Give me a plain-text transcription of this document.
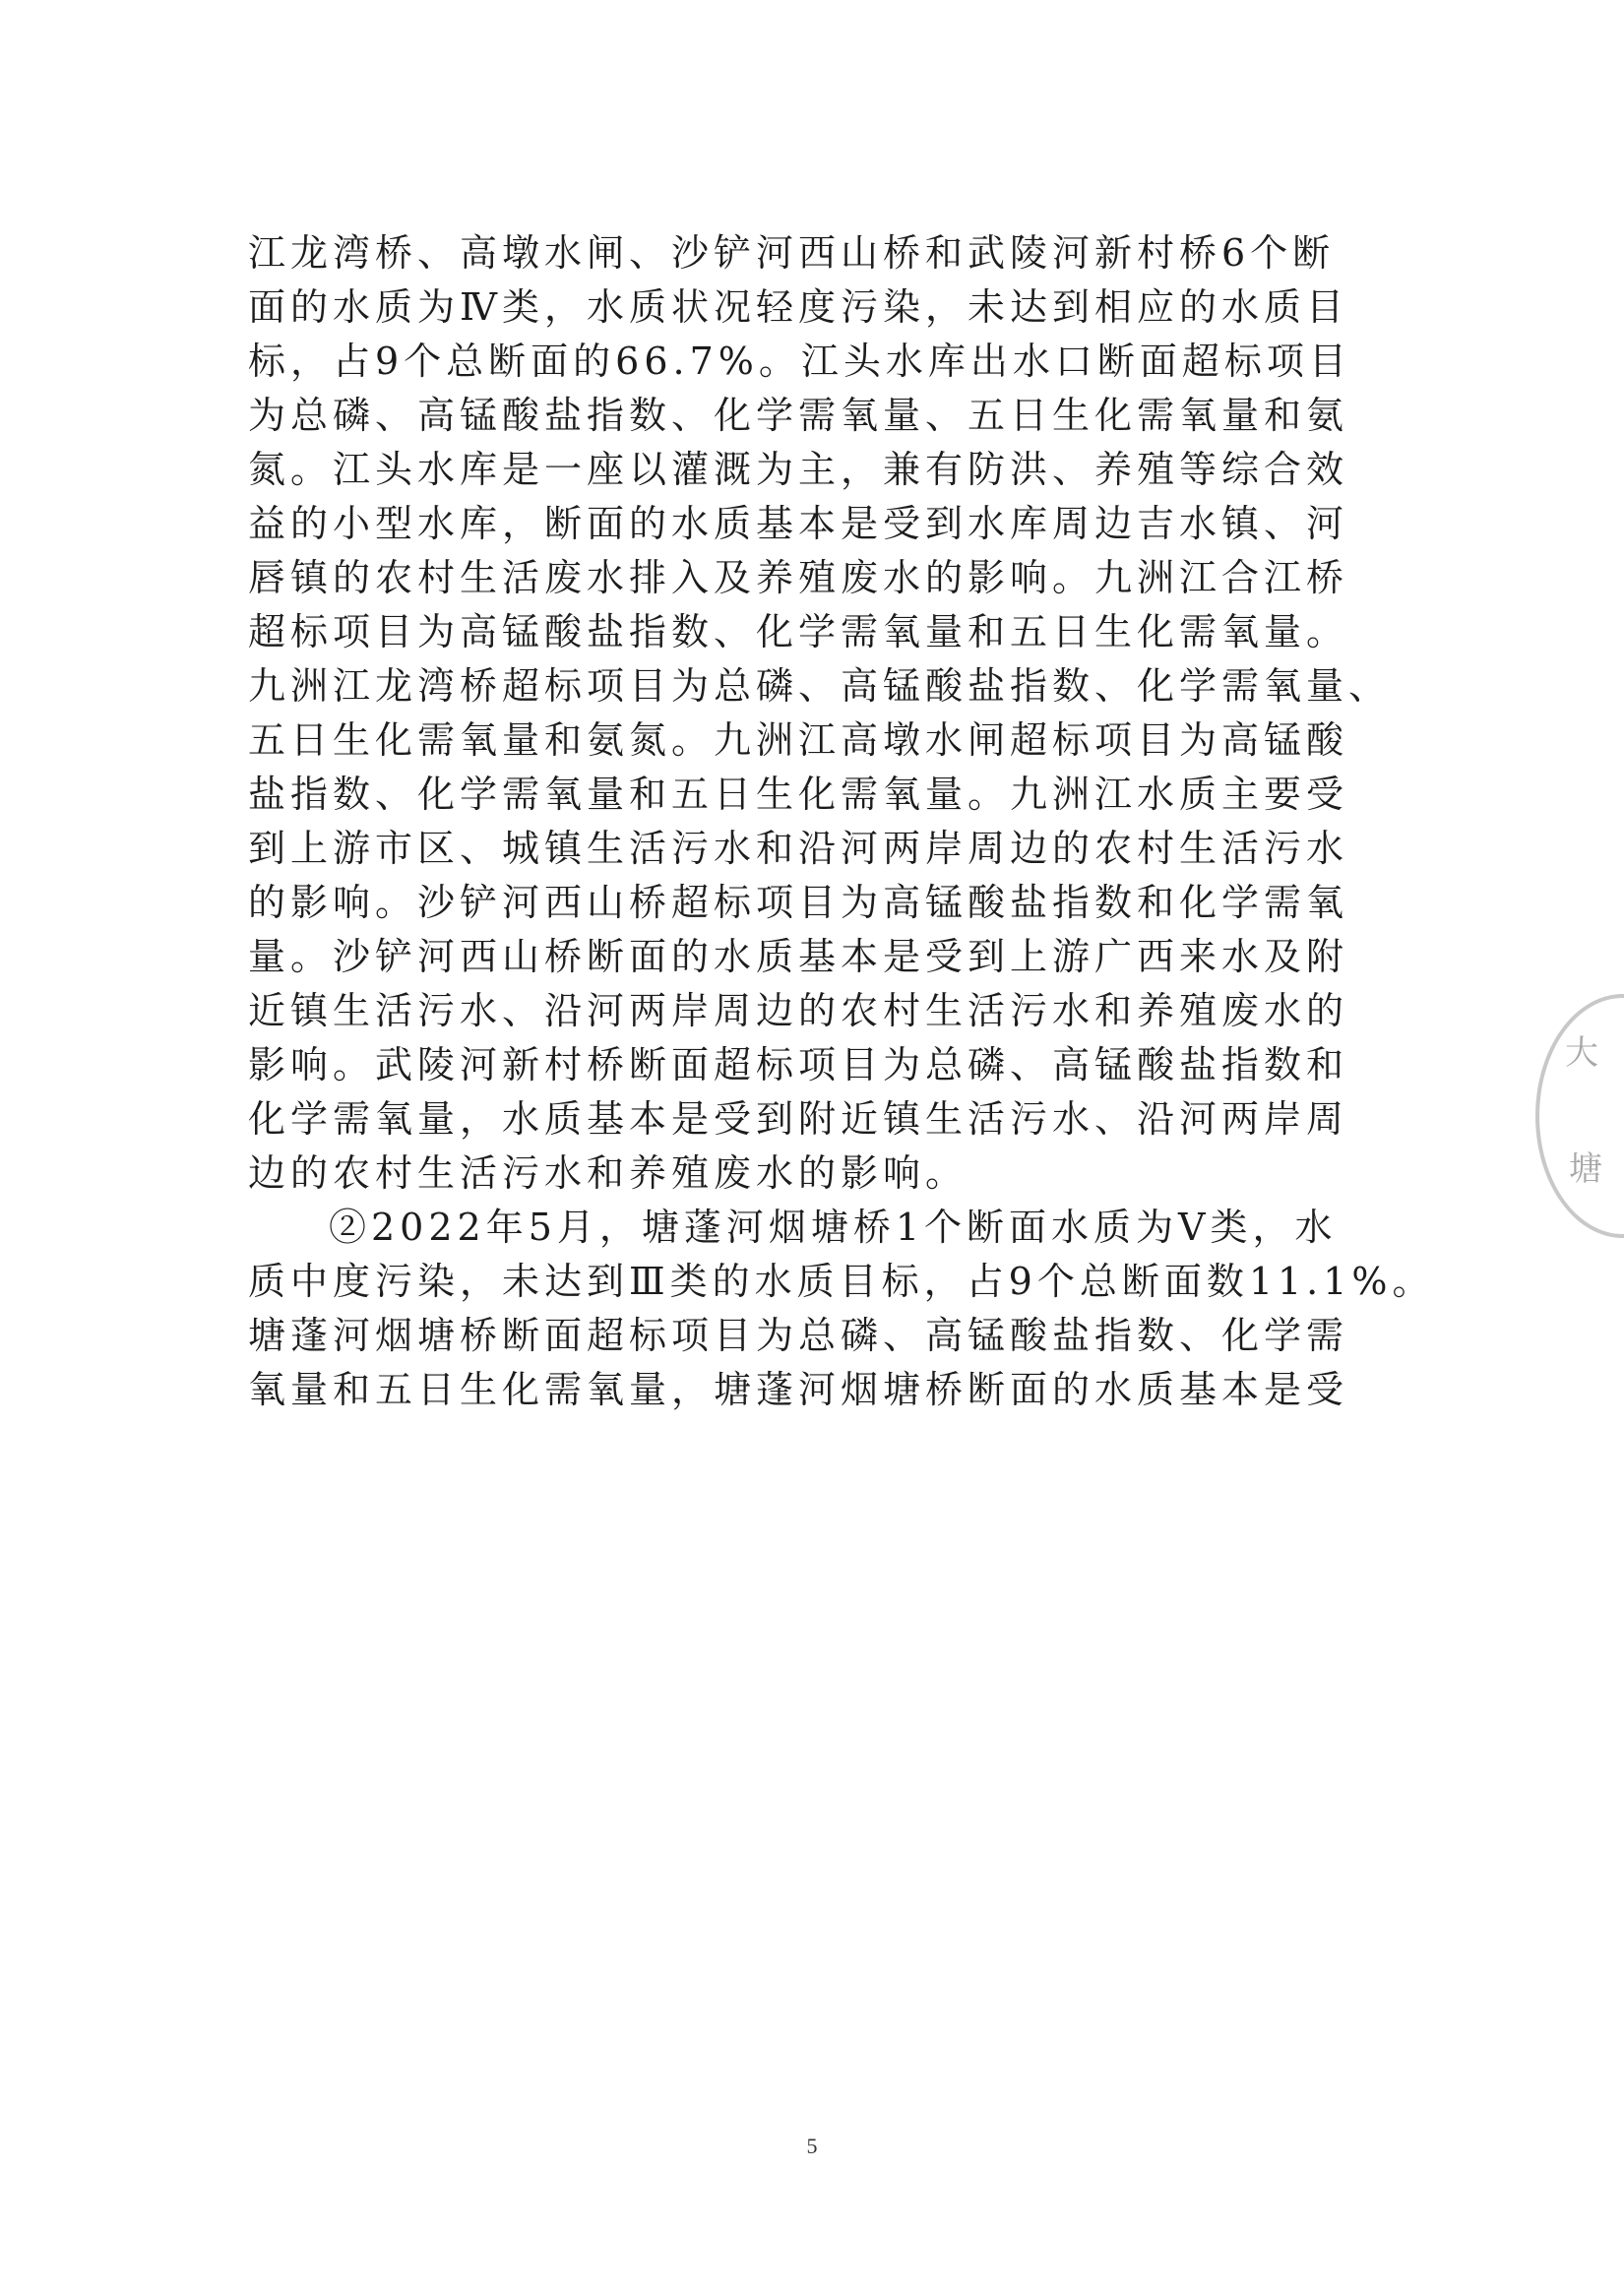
江龙湾桥、高墩水闸、沙铲河西山桥和武陵河新村桥6个断
面的水质为Ⅳ类，水质状况轻度污染，未达到相应的水质目
标，占9个总断面的66.7%。江头水库出水口断面超标项目
为总磷、高锰酸盐指数、化学需氧量、五日生化需氧量和氨
氮。江头水库是一座以灌溉为主，兼有防洪、养殖等综合效
益的小型水库，断面的水质基本是受到水库周边吉水镇、河
唇镇的农村生活废水排入及养殖废水的影响。九洲江合江桥
超标项目为高锰酸盐指数、化学需氧量和五日生化需氧量。
九洲江龙湾桥超标项目为总磷、高锰酸盐指数、化学需氧量、
五日生化需氧量和氨氮。九洲江高墩水闸超标项目为高锰酸
盐指数、化学需氧量和五日生化需氧量。九洲江水质主要受
到上游市区、城镇生活污水和沿河两岸周边的农村生活污水
的影响。沙铲河西山桥超标项目为高锰酸盐指数和化学需氧
量。沙铲河西山桥断面的水质基本是受到上游广西来水及附
近镇生活污水、沿河两岸周边的农村生活污水和养殖废水的
影响。武陵河新村桥断面超标项目为总磷、高锰酸盐指数和
化学需氧量，水质基本是受到附近镇生活污水、沿河两岸周
边的农村生活污水和养殖废水的影响。
②2022年5月，塘蓬河烟塘桥1个断面水质为Ⅴ类，水
质中度污染，未达到Ⅲ类的水质目标，占9个总断面数11.1%。
塘蓬河烟塘桥断面超标项目为总磷、高锰酸盐指数、化学需
氧量和五日生化需氧量，塘蓬河烟塘桥断面的水质基本是受
大
塘
5
